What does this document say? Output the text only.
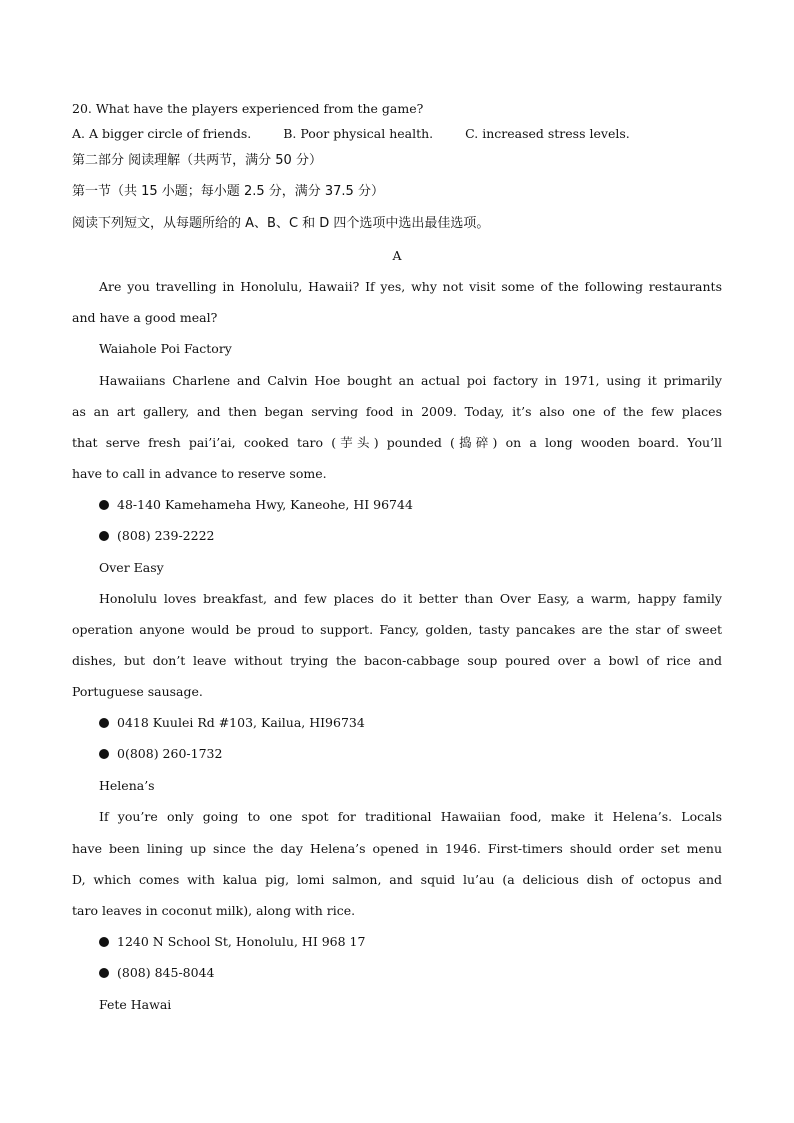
20. What have the players experienced from the game?
A. A bigger circle of friends.	B. Poor physical health.	C. increased stress levels.
第二部分 阅读理解（共两节，满分 50 分）
第一节（共 15 小题；每小题 2.5 分，满分 37.5 分）
阅读下列短文，从每题所给的 A、B、C 和 D 四个选项中选出最佳选项。
A
Are you travelling in Honolulu, Hawaii? If yes, why not visit some of the following restaurants
and have a good meal?
Waiahole Poi Factory
Hawaiians Charlene and Calvin Hoe bought an actual poi factory in 1971, using it primarily
as an art gallery, and then began serving food in 2009. Today, it’s also one of the few places
that serve fresh pai’i’ai, cooked taro (芋头) pounded (捣碎) on a long wooden board. You’ll
have to call in advance to reserve some.
48-140 Kamehameha Hwy, Kaneohe, HI 96744
(808) 239-2222
Over Easy
Honolulu loves breakfast, and few places do it better than Over Easy, a warm, happy family
operation anyone would be proud to support. Fancy, golden, tasty pancakes are the star of sweet
dishes, but don’t leave without trying the bacon-cabbage soup poured over a bowl of rice and
Portuguese sausage.
0418 Kuulei Rd #103, Kailua, HI96734
0(808) 260-1732
Helena’s
If you’re only going to one spot for traditional Hawaiian food, make it Helena’s. Locals
have been lining up since the day Helena’s opened in 1946. First-timers should order set menu
D, which comes with kalua pig, lomi salmon, and squid lu’au (a delicious dish of octopus and
taro leaves in coconut milk), along with rice.
1240 N School St, Honolulu, HI 968 17
(808) 845-8044
Fete Hawai
